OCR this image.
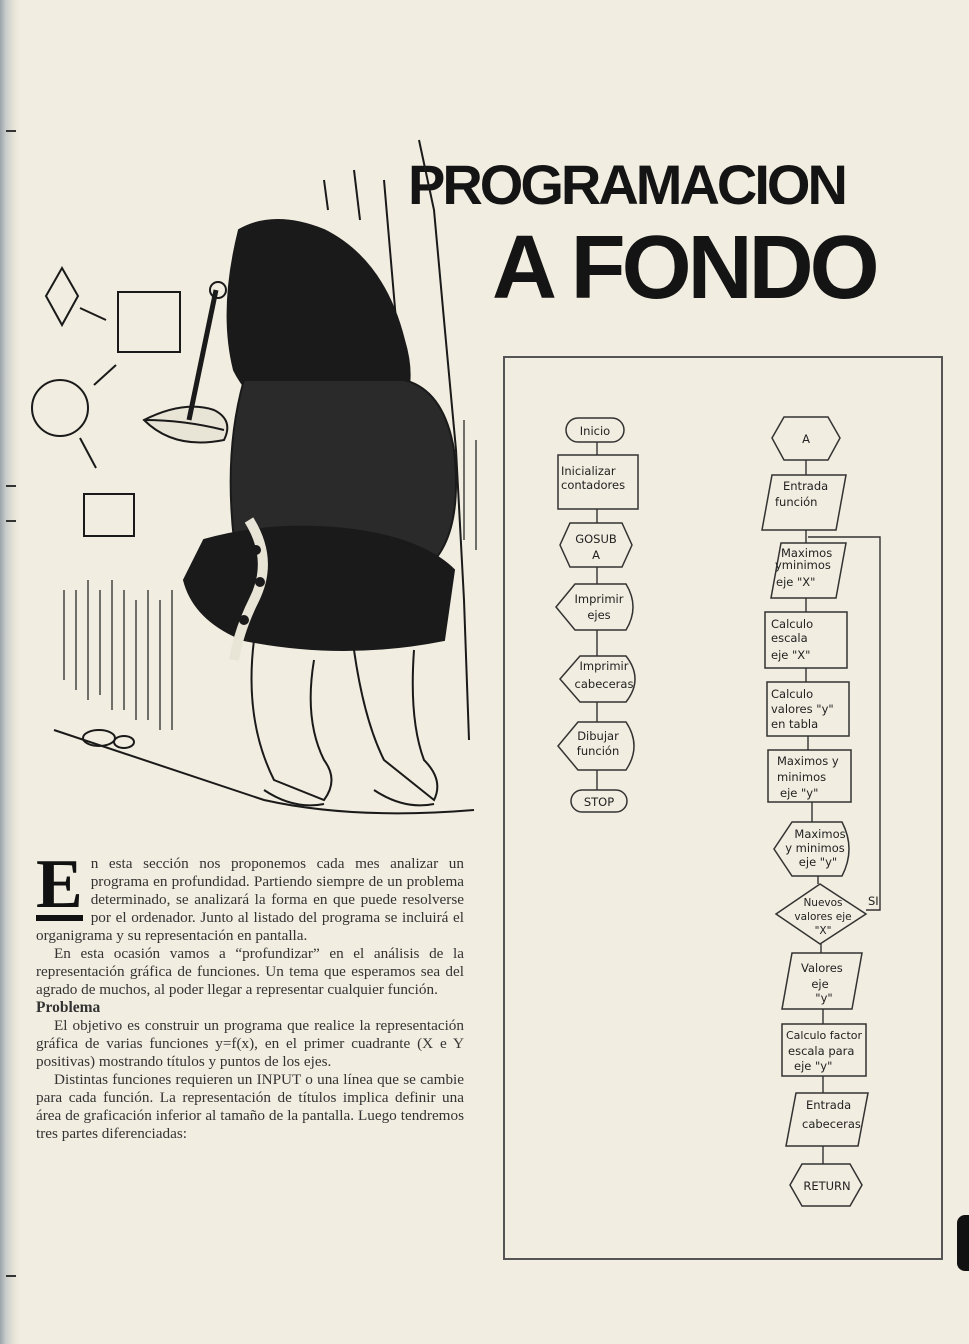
PROGRAMACION
A FONDO

E n esta sección nos proponemos cada mes analizar un programa en profundidad. Partiendo siempre de un problema determinado, se analizará la forma en que puede resolverse por el ordenador. Junto al listado del programa se incluirá el organigrama y su representación en pantalla.

En esta ocasión vamos a “profundizar” en el análisis de la representación gráfica de funciones. Un tema que esperamos sea del agrado de muchos, al poder llegar a representar cualquier función.

Problema

El objetivo es construir un programa que realice la representación gráfica de varias funciones y=f(x), en el primer cuadrante (X e Y positivas) mostrando títulos y puntos de los ejes.

Distintas funciones requieren un INPUT o una línea que se cambie para cada función. La representación de títulos implica definir una área de graficación inferior al tamaño de la pantalla. Luego tendremos tres partes diferenciadas:

Inicio
Inicializar
contadores
GOSUB
A
Imprimir
ejes
Imprimir
cabeceras
Dibujar
función
STOP
A
Entrada
función
Maximos
yminimos
eje "X"
Calculo
escala
eje "X"
Calculo
valores "y"
en tabla
Maximos y
minimos
eje "y"
Maximos
y minimos
eje "y"
Nuevos
valores eje
"X"
SI
Valores
eje
"y"
Calculo factor
escala para
eje "y"
Entrada
cabeceras
RETURN
